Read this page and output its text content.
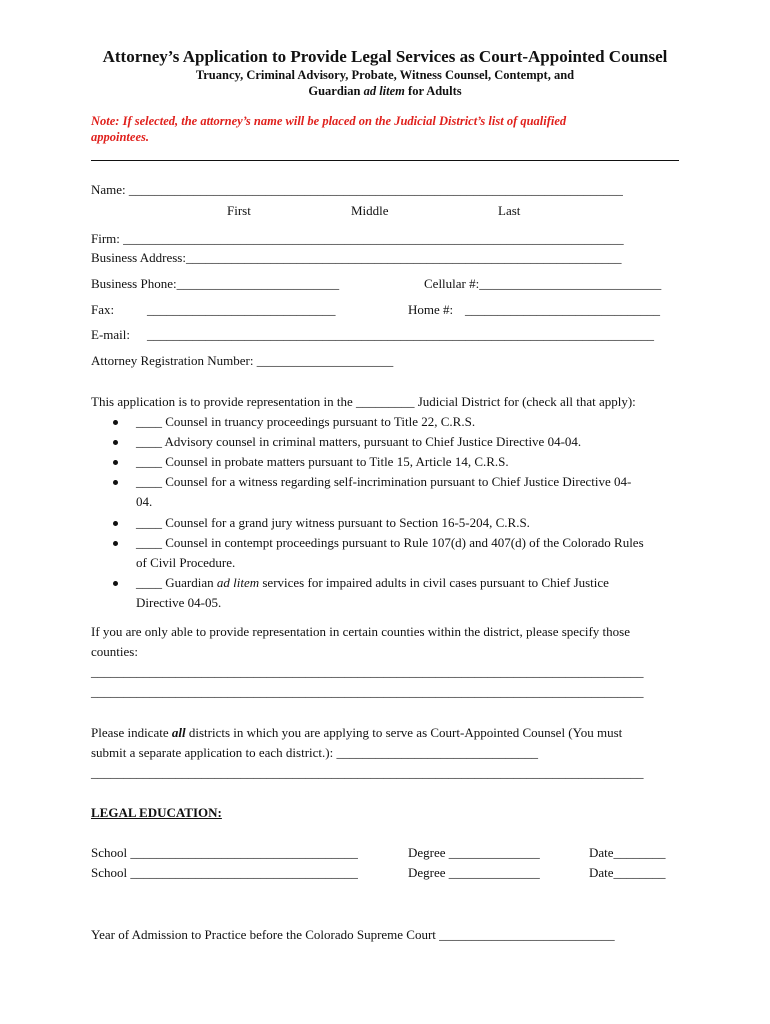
Attorney’s Application to Provide Legal Services as Court-Appointed Counsel
Truancy, Criminal Advisory, Probate, Witness Counsel, Contempt, and
Guardian ad litem for Adults
Note: If selected, the attorney’s name will be placed on the Judicial District’s list of qualified
appointees.
Name: ____________________________________________________________________________
First	Middle	Last
Firm: _____________________________________________________________________________
Business Address:___________________________________________________________________
Business Phone:_________________________	Cellular #:____________________________
Fax:	_____________________________	Home #: ______________________________
E-mail: ______________________________________________________________________________
Attorney Registration Number: _____________________
This application is to provide representation in the _________ Judicial District for (check all that apply):
____ Counsel in truancy proceedings pursuant to Title 22, C.R.S.
____ Advisory counsel in criminal matters, pursuant to Chief Justice Directive 04-04.
____ Counsel in probate matters pursuant to Title 15, Article 14, C.R.S.
____ Counsel for a witness regarding self-incrimination pursuant to Chief Justice Directive 04-
04.
____ Counsel for a grand jury witness pursuant to Section 16-5-204, C.R.S.
____ Counsel in contempt proceedings pursuant to Rule 107(d) and 407(d) of the Colorado Rules
of Civil Procedure.
____ Guardian ad litem services for impaired adults in civil cases pursuant to Chief Justice
Directive 04-05.
If you are only able to provide representation in certain counties within the district, please specify those
counties:
_____________________________________________________________________________________
_____________________________________________________________________________________
Please indicate all districts in which you are applying to serve as Court-Appointed Counsel (You must
submit a separate application to each district.): _______________________________
_____________________________________________________________________________________
LEGAL EDUCATION:
School ___________________________________	Degree ______________	Date________
School ___________________________________	Degree ______________	Date________
Year of Admission to Practice before the Colorado Supreme Court ___________________________
